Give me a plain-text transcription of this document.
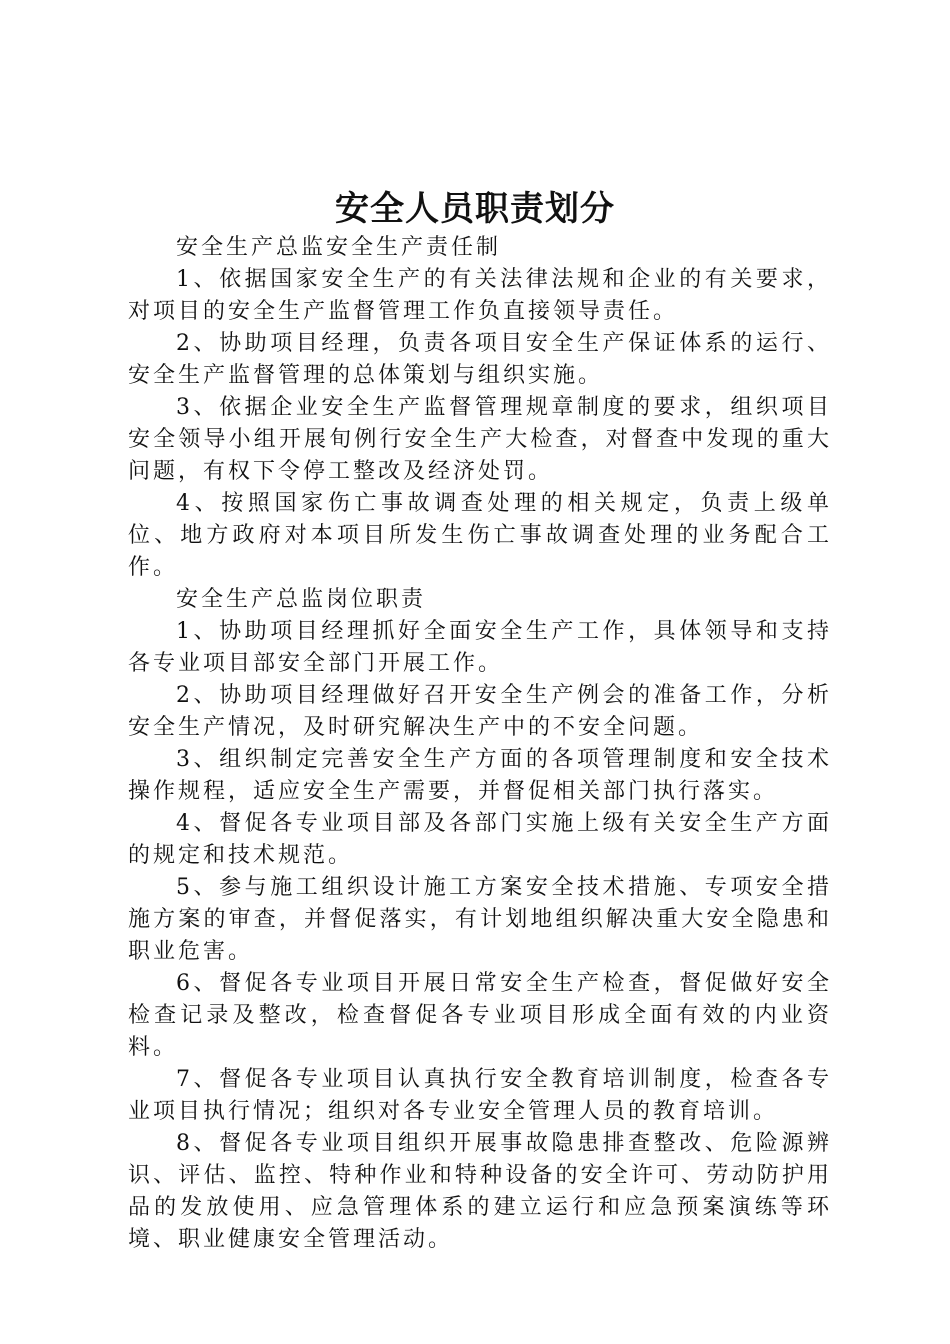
安全人员职责划分

安全生产总监安全生产责任制

1、依据国家安全生产的有关法律法规和企业的有关要求，对项目的安全生产监督管理工作负直接领导责任。

2、协助项目经理，负责各项目安全生产保证体系的运行、安全生产监督管理的总体策划与组织实施。

3、依据企业安全生产监督管理规章制度的要求，组织项目安全领导小组开展旬例行安全生产大检查，对督查中发现的重大问题，有权下令停工整改及经济处罚。

4、按照国家伤亡事故调查处理的相关规定，负责上级单位、地方政府对本项目所发生伤亡事故调查处理的业务配合工作。

安全生产总监岗位职责

1、协助项目经理抓好全面安全生产工作，具体领导和支持各专业项目部安全部门开展工作。

2、协助项目经理做好召开安全生产例会的准备工作，分析安全生产情况，及时研究解决生产中的不安全问题。

3、组织制定完善安全生产方面的各项管理制度和安全技术操作规程，适应安全生产需要，并督促相关部门执行落实。

4、督促各专业项目部及各部门实施上级有关安全生产方面的规定和技术规范。

5、参与施工组织设计施工方案安全技术措施、专项安全措施方案的审查，并督促落实，有计划地组织解决重大安全隐患和职业危害。

6、督促各专业项目开展日常安全生产检查，督促做好安全检查记录及整改，检查督促各专业项目形成全面有效的内业资料。

7、督促各专业项目认真执行安全教育培训制度，检查各专业项目执行情况；组织对各专业安全管理人员的教育培训。

8、督促各专业项目组织开展事故隐患排查整改、危险源辨识、评估、监控、特种作业和特种设备的安全许可、劳动防护用品的发放使用、应急管理体系的建立运行和应急预案演练等环境、职业健康安全管理活动。
